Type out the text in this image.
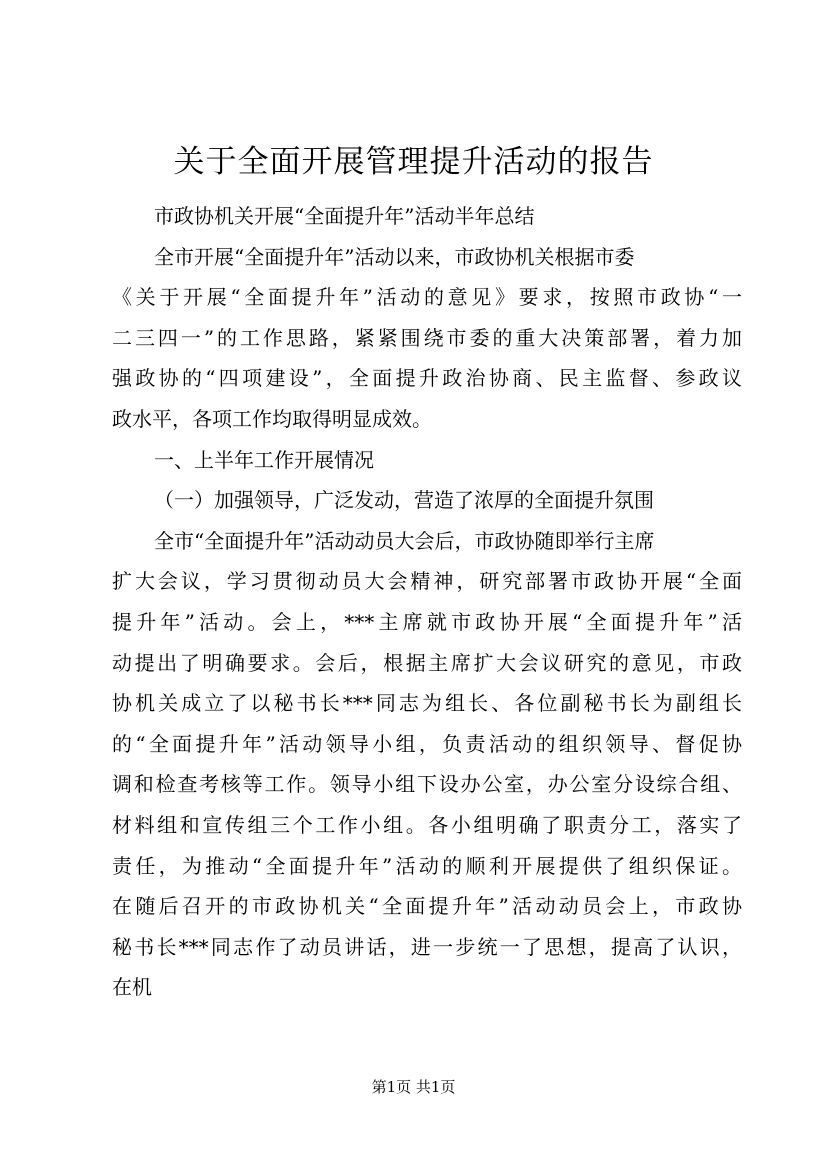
关于全面开展管理提升活动的报告
市政协机关开展“全面提升年”活动半年总结
全市开展“全面提升年”活动以来，市政协机关根据市委
《关于开展“全面提升年”活动的意见》要求，按照市政协“一
二三四一”的工作思路，紧紧围绕市委的重大决策部署，着力加
强政协的“四项建设”，全面提升政治协商、民主监督、参政议
政水平，各项工作均取得明显成效。
一、上半年工作开展情况
（一）加强领导，广泛发动，营造了浓厚的全面提升氛围
全市“全面提升年”活动动员大会后，市政协随即举行主席
扩大会议，学习贯彻动员大会精神，研究部署市政协开展“全面
提升年”活动。会上，***主席就市政协开展“全面提升年”活
动提出了明确要求。会后，根据主席扩大会议研究的意见，市政
协机关成立了以秘书长***同志为组长、各位副秘书长为副组长
的“全面提升年”活动领导小组，负责活动的组织领导、督促协
调和检查考核等工作。领导小组下设办公室，办公室分设综合组、
材料组和宣传组三个工作小组。各小组明确了职责分工，落实了
责任，为推动“全面提升年”活动的顺利开展提供了组织保证。
在随后召开的市政协机关“全面提升年”活动动员会上，市政协
秘书长***同志作了动员讲话，进一步统一了思想，提高了认识，
在机
第1页 共1页
